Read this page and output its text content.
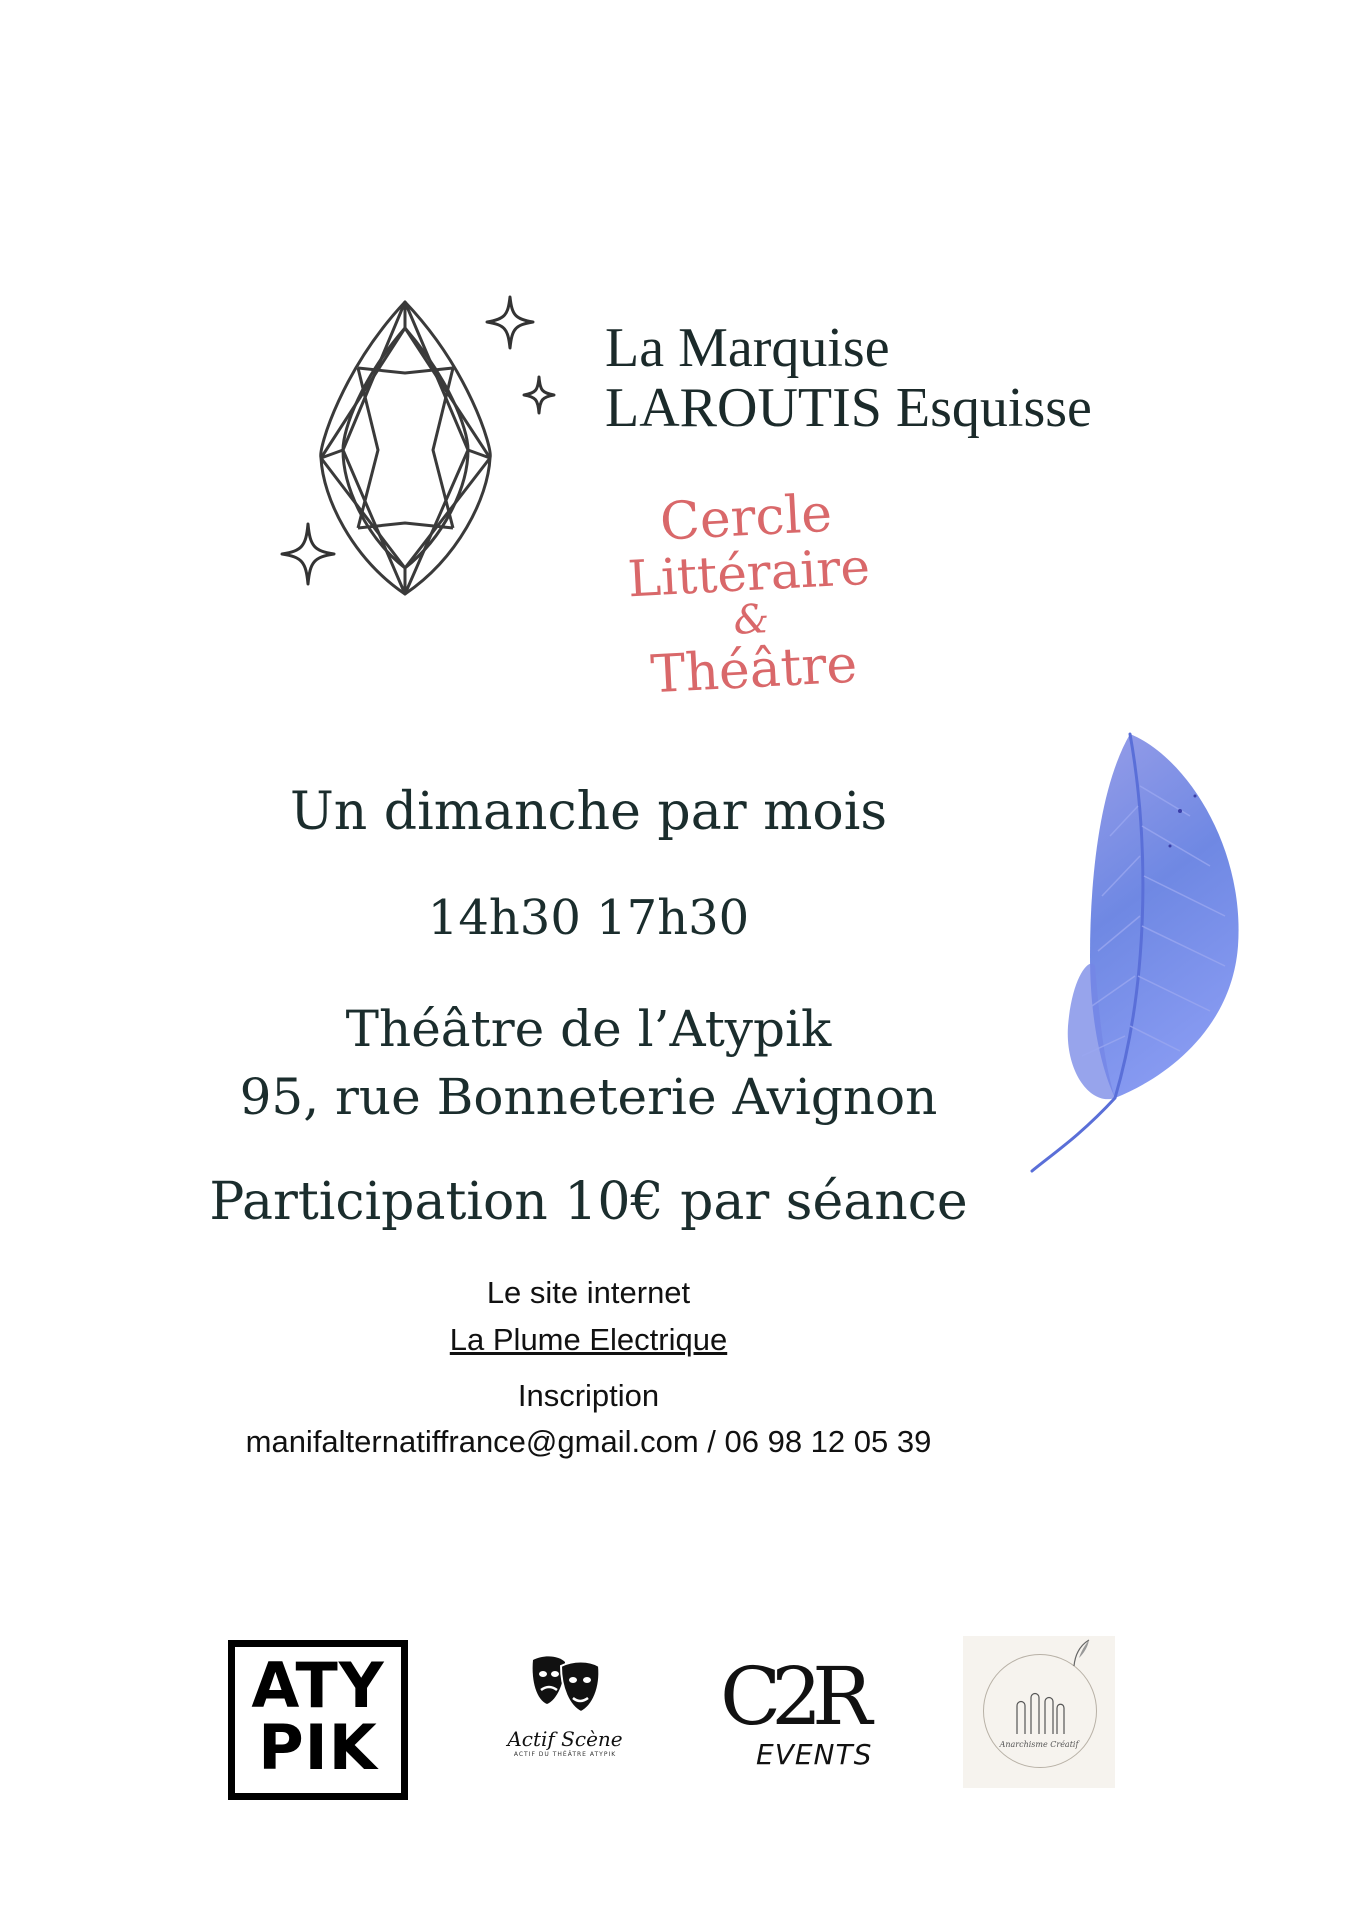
La Marquise
LAROUTIS Esquisse
Cercle
Littéraire
&
Théâtre
Un dimanche par mois
14h30 17h30
Théâtre de l’Atypik
95, rue Bonneterie Avignon
Participation 10€ par séance
Le site internet
La Plume Electrique
Inscription
manifalternatiffrance@gmail.com / 06 98 12 05 39
ATY
PIK	Actif Scène
ACTIF DU THÉÂTRE ATYPIK
C2R
EVENTS	Anarchisme Créatif
